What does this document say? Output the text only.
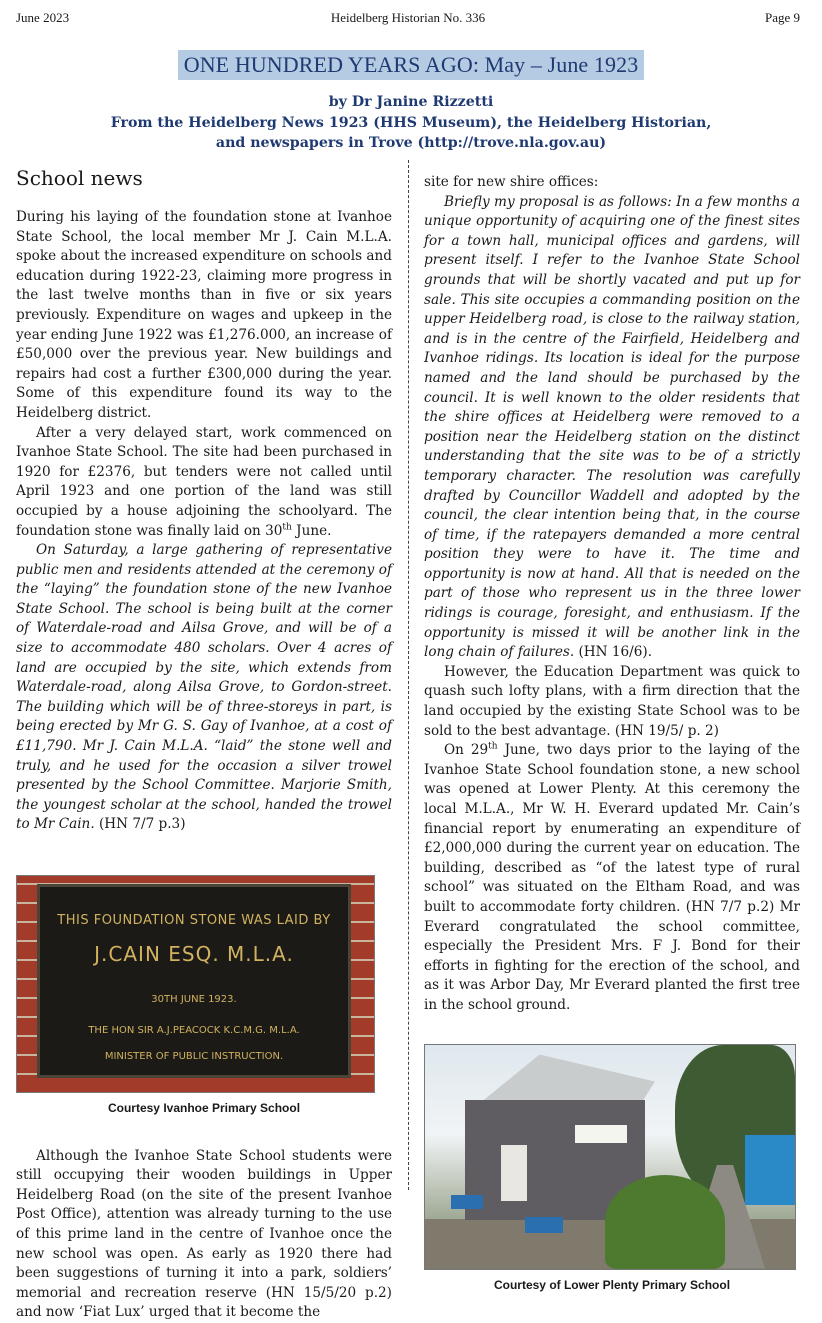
June 2023	Heidelberg Historian No. 336	Page 9
ONE HUNDRED YEARS AGO: May – June 1923
by Dr Janine Rizzetti
From the Heidelberg News 1923 (HHS Museum), the Heidelberg Historian,
and newspapers in Trove (http://trove.nla.gov.au)
School news

During his laying of the foundation stone at Ivanhoe State School, the local member Mr J. Cain M.L.A. spoke about the increased expenditure on schools and education during 1922-23, claiming more progress in the last twelve months than in five or six years previously. Expenditure on wages and upkeep in the year ending June 1922 was £1,276.000, an increase of £50,000 over the previous year. New buildings and repairs had cost a further £300,000 during the year. Some of this expenditure found its way to the Heidelberg district.

After a very delayed start, work commenced on Ivanhoe State School. The site had been purchased in 1920 for £2376, but tenders were not called until April 1923 and one portion of the land was still occupied by a house adjoining the schoolyard. The foundation stone was finally laid on 30th June.

On Saturday, a large gathering of representative public men and residents attended at the ceremony of the “laying” the foundation stone of the new Ivanhoe State School. The school is being built at the corner of Waterdale-road and Ailsa Grove, and will be of a size to accommodate 480 scholars. Over 4 acres of land are occupied by the site, which extends from Waterdale-road, along Ailsa Grove, to Gordon-street. The building which will be of three-storeys in part, is being erected by Mr G. S. Gay of Ivanhoe, at a cost of £11,790. Mr J. Cain M.L.A. “laid” the stone well and truly, and he used for the occasion a silver trowel presented by the School Committee. Marjorie Smith, the youngest scholar at the school, handed the trowel to Mr Cain. (HN 7/7 p.3)

THIS FOUNDATION STONE WAS LAID BY
J.CAIN ESQ. M.L.A.
30TH JUNE 1923.
THE HON SIR A.J.PEACOCK K.C.M.G. M.L.A.
MINISTER OF PUBLIC INSTRUCTION.
Courtesy Ivanhoe Primary School

Although the Ivanhoe State School students were still occupying their wooden buildings in Upper Heidelberg Road (on the site of the present Ivanhoe Post Office), attention was already turning to the use of this prime land in the centre of Ivanhoe once the new school was open. As early as 1920 there had been suggestions of turning it into a park, soldiers’ memorial and recreation reserve (HN 15/5/20 p.2) and now ‘Fiat Lux’ urged that it become the

site for new shire offices:

Briefly my proposal is as follows: In a few months a unique opportunity of acquiring one of the finest sites for a town hall, municipal offices and gardens, will present itself. I refer to the Ivanhoe State School grounds that will be shortly vacated and put up for sale. This site occupies a commanding position on the upper Heidelberg road, is close to the railway station, and is in the centre of the Fairfield, Heidelberg and Ivanhoe ridings. Its location is ideal for the purpose named and the land should be purchased by the council. It is well known to the older residents that the shire offices at Heidelberg were removed to a position near the Heidelberg station on the distinct understanding that the site was to be of a strictly temporary character. The resolution was carefully drafted by Councillor Waddell and adopted by the council, the clear intention being that, in the course of time, if the ratepayers demanded a more central position they were to have it. The time and opportunity is now at hand. All that is needed on the part of those who represent us in the three lower ridings is courage, foresight, and enthusiasm. If the opportunity is missed it will be another link in the long chain of failures. (HN 16/6).

However, the Education Department was quick to quash such lofty plans, with a firm direction that the land occupied by the existing State School was to be sold to the best advantage. (HN 19/5/ p. 2)

On 29th June, two days prior to the laying of the Ivanhoe State School foundation stone, a new school was opened at Lower Plenty. At this ceremony the local M.L.A., Mr W. H. Everard updated Mr. Cain’s financial report by enumerating an expenditure of £2,000,000 during the current year on education. The building, described as “of the latest type of rural school” was situated on the Eltham Road, and was built to accommodate forty children. (HN 7/7 p.2) Mr Everard congratulated the school committee, especially the President Mrs. F J. Bond for their efforts in fighting for the erection of the school, and as it was Arbor Day, Mr Everard planted the first tree in the school ground.

Courtesy of Lower Plenty Primary School
